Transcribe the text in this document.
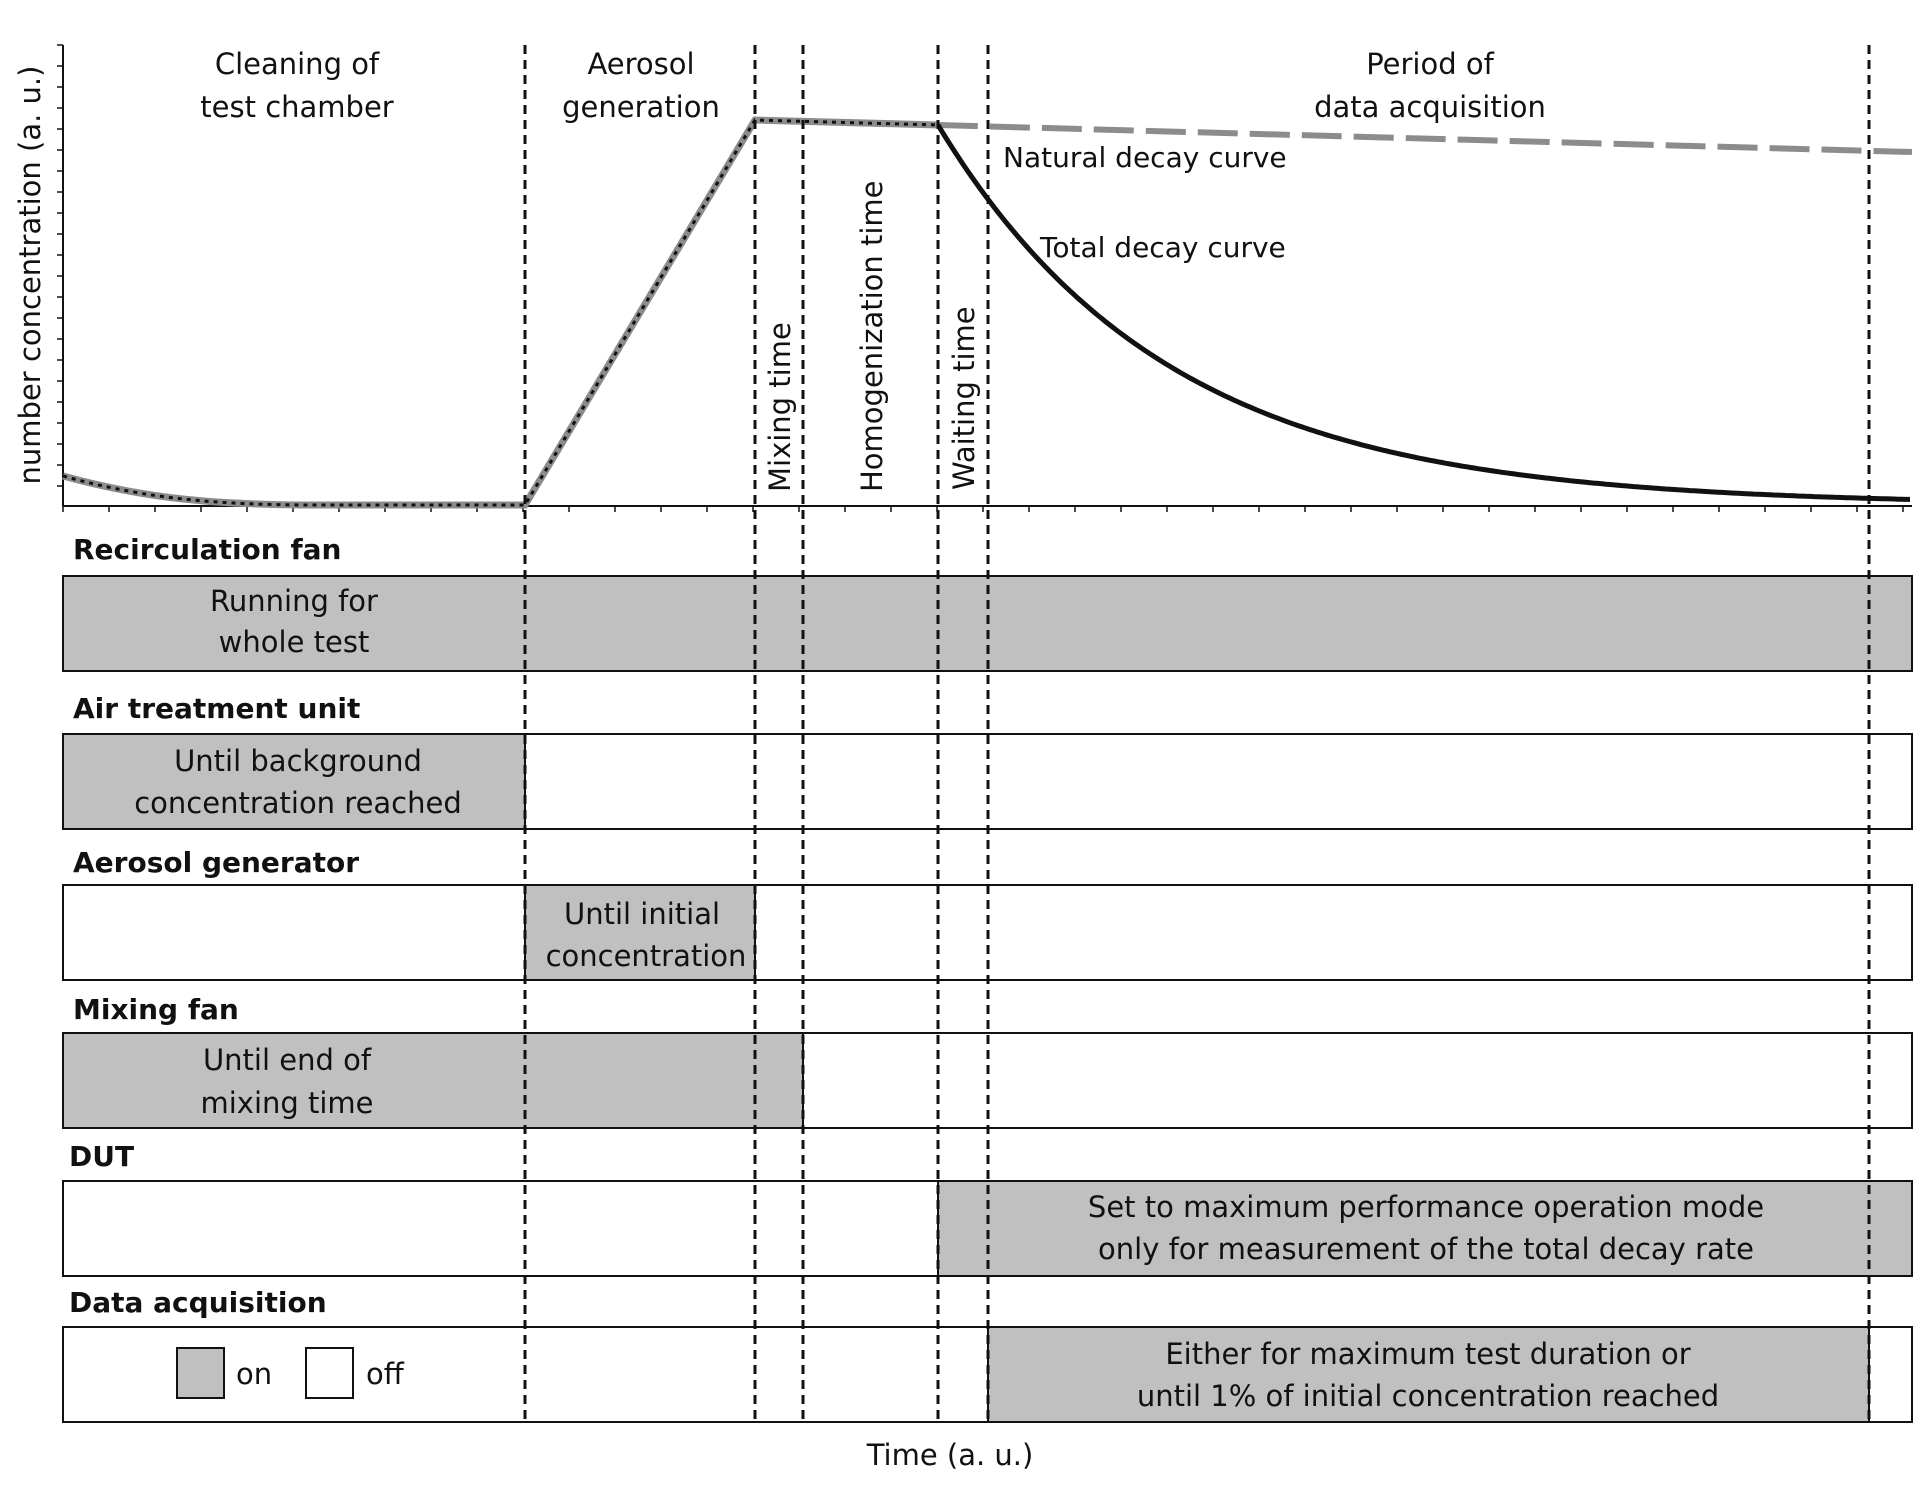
number concentration (a. u.)
Cleaning of
test chamber
Aerosol
generation
Period of
data acquisition
Mixing time Homogenization time Waiting time
Natural decay curve
Total decay curve
Recirculation fan
Running for
whole test
Air treatment unit
Until background
concentration reached
Aerosol generator
Until initial
concentration
Mixing fan
Until end of
mixing time
DUT
Set to maximum performance operation mode
only for measurement of the total decay rate
Data acquisition
Either for maximum test duration or
until 1% of initial concentration reached
on	off
Time (a. u.)
